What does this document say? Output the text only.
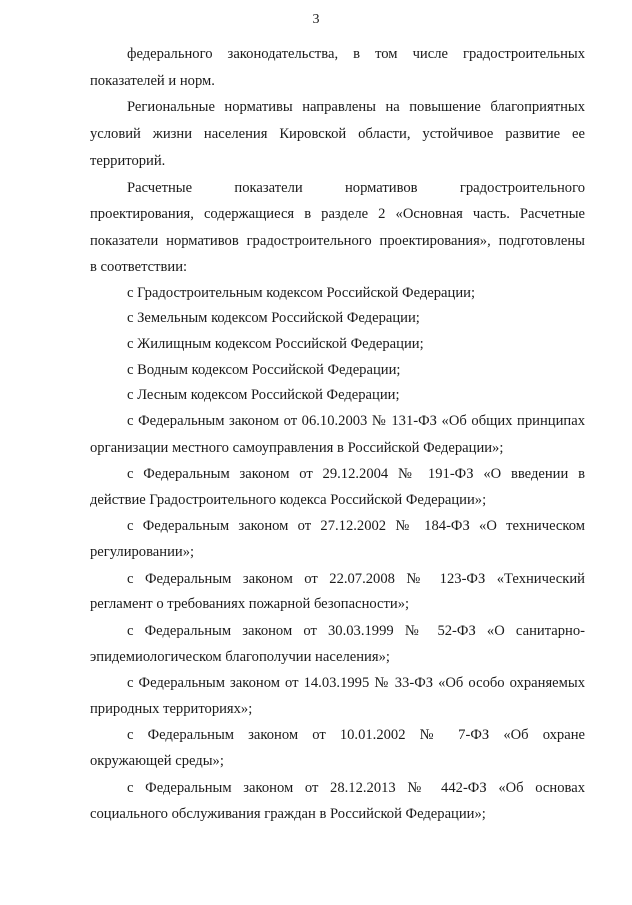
3
федерального законодательства, в том числе градостроительных
показателей и норм.
Региональные нормативы направлены на повышение благоприятных
условий жизни населения Кировской области, устойчивое развитие ее
территорий.
Расчетные показатели нормативов градостроительного
проектирования, содержащиеся в разделе 2 «Основная часть. Расчетные
показатели нормативов градостроительного проектирования», подготовлены
в соответствии:
с Градостроительным кодексом Российской Федерации;
с Земельным кодексом Российской Федерации;
с Жилищным кодексом Российской Федерации;
с Водным кодексом Российской Федерации;
с Лесным кодексом Российской Федерации;
с Федеральным законом от 06.10.2003 № 131-ФЗ «Об общих принципах
организации местного самоуправления в Российской Федерации»;
с Федеральным законом от 29.12.2004 № 191-ФЗ «О введении в
действие Градостроительного кодекса Российской Федерации»;
с Федеральным законом от 27.12.2002 № 184-ФЗ «О техническом
регулировании»;
с Федеральным законом от 22.07.2008 № 123-ФЗ «Технический
регламент о требованиях пожарной безопасности»;
с Федеральным законом от 30.03.1999 № 52-ФЗ «О санитарно-
эпидемиологическом благополучии населения»;
с Федеральным законом от 14.03.1995 № 33-ФЗ «Об особо охраняемых
природных территориях»;
с Федеральным законом от 10.01.2002 № 7-ФЗ «Об охране
окружающей среды»;
с Федеральным законом от 28.12.2013 № 442-ФЗ «Об основах
социального обслуживания граждан в Российской Федерации»;
